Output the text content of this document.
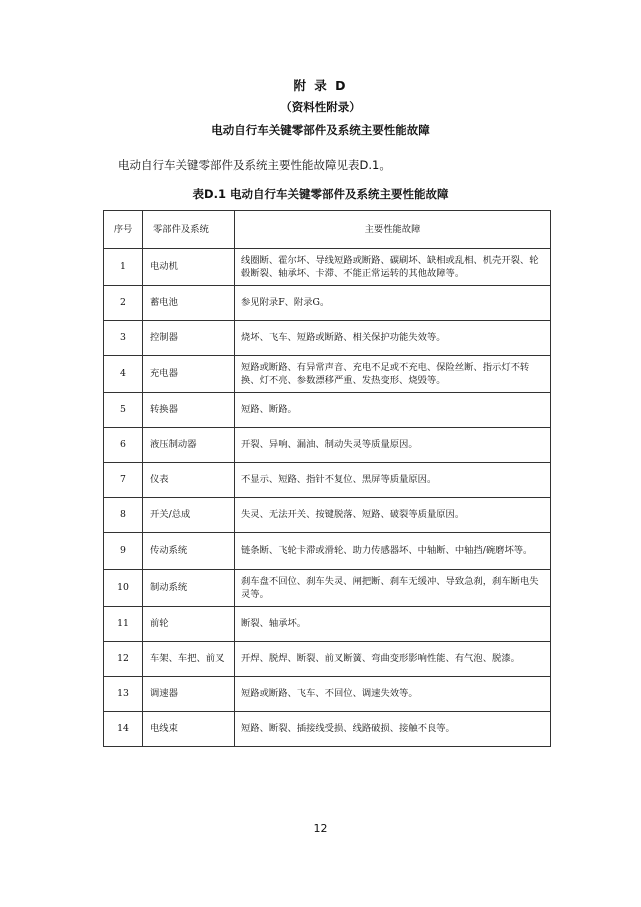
附 录 D
（资料性附录）
电动自行车关键零部件及系统主要性能故障
电动自行车关键零部件及系统主要性能故障见表D.1。
表D.1 电动自行车关键零部件及系统主要性能故障
序号	零部件及系统	主要性能故障
1	电动机	线圈断、霍尔坏、导线短路或断路、碳刷坏、缺相或乱相、机壳开裂、轮毂断裂、轴承坏、卡滞、不能正常运转的其他故障等。
2	蓄电池	参见附录F、附录G。
3	控制器	烧坏、飞车、短路或断路、相关保护功能失效等。
4	充电器	短路或断路、有异常声音、充电不足或不充电、保险丝断、指示灯不转换、灯不亮、参数漂移严重、发热变形、烧毁等。
5	转换器	短路、断路。
6	液压制动器	开裂、异响、漏油、制动失灵等质量原因。
7	仪表	不显示、短路、指针不复位、黑屏等质量原因。
8	开关/总成	失灵、无法开关、按键脱落、短路、破裂等质量原因。
9	传动系统	链条断、飞轮卡滞或滑轮、助力传感器坏、中轴断、中轴挡/碗磨坏等。
10	制动系统	刹车盘不回位、刹车失灵、闸把断、刹车无缓冲、导致急刹，刹车断电失灵等。
11	前轮	断裂、轴承坏。
12	车架、车把、前叉	开焊、脱焊、断裂、前叉断簧、弯曲变形影响性能、有气泡、脱漆。
13	调速器	短路或断路、飞车、不回位、调速失效等。
14	电线束	短路、断裂、插接线受损、线路破损、接触不良等。
12
